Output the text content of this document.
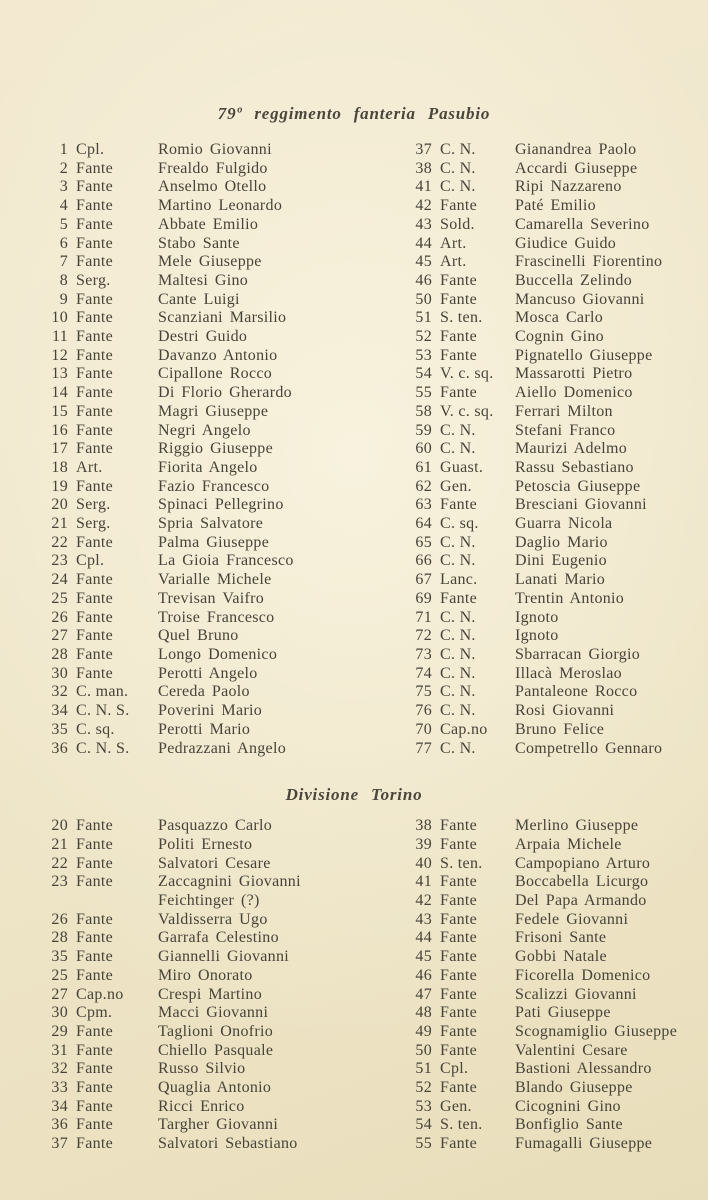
79º reggimento fanteria Pasubio
1 Cpl.	Romio Giovanni
2 Fante	Frealdo Fulgido
3 Fante	Anselmo Otello
4 Fante	Martino Leonardo
5 Fante	Abbate Emilio
6 Fante	Stabo Sante
7 Fante	Mele Giuseppe
8 Serg.	Maltesi Gino
9 Fante	Cante Luigi
10 Fante	Scanziani Marsilio
11 Fante	Destri Guido
12 Fante	Davanzo Antonio
13 Fante	Cipallone Rocco
14 Fante	Di Florio Gherardo
15 Fante	Magri Giuseppe
16 Fante	Negri Angelo
17 Fante	Riggio Giuseppe
18 Art.	Fiorita Angelo
19 Fante	Fazio Francesco
20 Serg.	Spinaci Pellegrino
21 Serg.	Spria Salvatore
22 Fante	Palma Giuseppe
23 Cpl.	La Gioia Francesco
24 Fante	Varialle Michele
25 Fante	Trevisan Vaifro
26 Fante	Troise Francesco
27 Fante	Quel Bruno
28 Fante	Longo Domenico
30 Fante	Perotti Angelo
32 C. man.	Cereda Paolo
34 C. N. S.	Poverini Mario
35 C. sq.	Perotti Mario
36 C. N. S.	Pedrazzani Angelo
37 C. N.	Gianandrea Paolo
38 C. N.	Accardi Giuseppe
41 C. N.	Ripi Nazzareno
42 Fante	Paté Emilio
43 Sold.	Camarella Severino
44 Art.	Giudice Guido
45 Art.	Frascinelli Fiorentino
46 Fante	Buccella Zelindo
50 Fante	Mancuso Giovanni
51 S. ten.	Mosca Carlo
52 Fante	Cognin Gino
53 Fante	Pignatello Giuseppe
54 V. c. sq.	Massarotti Pietro
55 Fante	Aiello Domenico
58 V. c. sq.	Ferrari Milton
59 C. N.	Stefani Franco
60 C. N.	Maurizi Adelmo
61 Guast.	Rassu Sebastiano
62 Gen.	Petoscia Giuseppe
63 Fante	Bresciani Giovanni
64 C. sq.	Guarra Nicola
65 C. N.	Daglio Mario
66 C. N.	Dini Eugenio
67 Lanc.	Lanati Mario
69 Fante	Trentin Antonio
71 C. N.	Ignoto
72 C. N.	Ignoto
73 C. N.	Sbarracan Giorgio
74 C. N.	Illacà Meroslao
75 C. N.	Pantaleone Rocco
76 C. N.	Rosi Giovanni
70 Cap.no	Bruno Felice
77 C. N.	Competrello Gennaro
Divisione Torino
20 Fante	Pasquazzo Carlo
21 Fante	Politi Ernesto
22 Fante	Salvatori Cesare
23 Fante	Zaccagnini Giovanni
Feichtinger (?)
26 Fante	Valdisserra Ugo
28 Fante	Garrafa Celestino
35 Fante	Giannelli Giovanni
25 Fante	Miro Onorato
27 Cap.no	Crespi Martino
30 Cpm.	Macci Giovanni
29 Fante	Taglioni Onofrio
31 Fante	Chiello Pasquale
32 Fante	Russo Silvio
33 Fante	Quaglia Antonio
34 Fante	Ricci Enrico
36 Fante	Targher Giovanni
37 Fante	Salvatori Sebastiano
38 Fante	Merlino Giuseppe
39 Fante	Arpaia Michele
40 S. ten.	Campopiano Arturo
41 Fante	Boccabella Licurgo
42 Fante	Del Papa Armando
43 Fante	Fedele Giovanni
44 Fante	Frisoni Sante
45 Fante	Gobbi Natale
46 Fante	Ficorella Domenico
47 Fante	Scalizzi Giovanni
48 Fante	Pati Giuseppe
49 Fante	Scognamiglio Giuseppe
50 Fante	Valentini Cesare
51 Cpl.	Bastioni Alessandro
52 Fante	Blando Giuseppe
53 Gen.	Cicognini Gino
54 S. ten.	Bonfiglio Sante
55 Fante	Fumagalli Giuseppe
